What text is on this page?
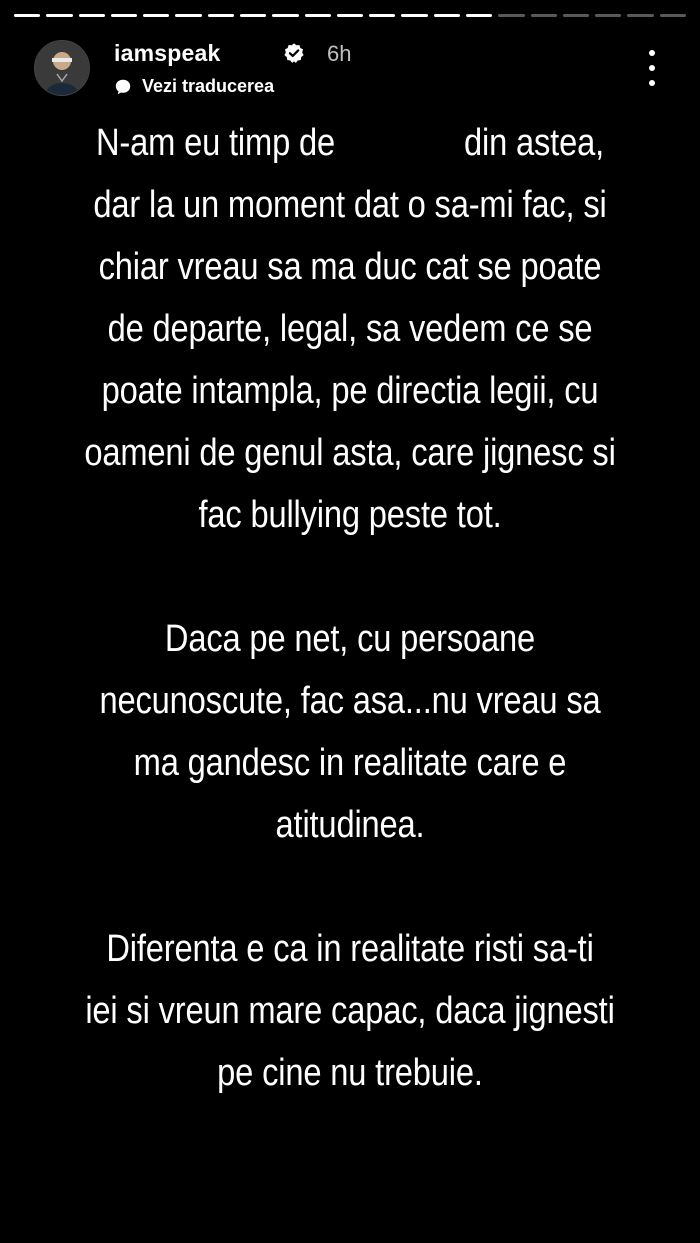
iamspeak	6h
Vezi traducerea

N-am eu timp de	din astea,
dar la un moment dat o sa-mi fac, si
chiar vreau sa ma duc cat se poate
de departe, legal, sa vedem ce se
poate intampla, pe directia legii, cu
oameni de genul asta, care jignesc si
fac bullying peste tot.

Daca pe net, cu persoane
necunoscute, fac asa...nu vreau sa
ma gandesc in realitate care e
atitudinea.

Diferenta e ca in realitate risti sa-ti
iei si vreun mare capac, daca jignesti
pe cine nu trebuie.
